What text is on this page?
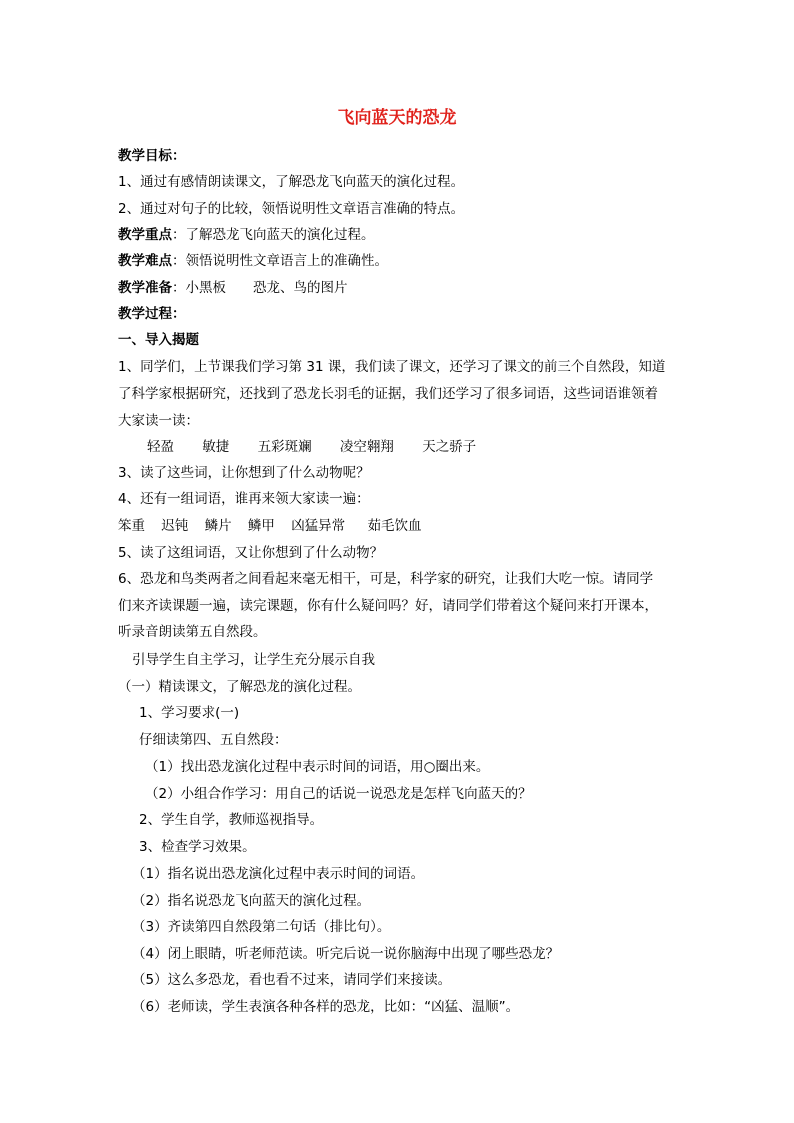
飞向蓝天的恐龙
教学目标：
1、通过有感情朗读课文，了解恐龙飞向蓝天的演化过程。
2、通过对句子的比较，领悟说明性文章语言准确的特点。
教学重点：了解恐龙飞向蓝天的演化过程。
教学难点：领悟说明性文章语言上的准确性。
教学准备：小黑板　　恐龙、鸟的图片
教学过程：
一、导入揭题
1、同学们，上节课我们学习第 31 课，我们读了课文，还学习了课文的前三个自然段，知道
了科学家根据研究，还找到了恐龙长羽毛的证据，我们还学习了很多词语，这些词语谁领着
大家读一读：
轻盈 敏捷 五彩斑斓 凌空翱翔 天之骄子
3、读了这些词，让你想到了什么动物呢？
4、还有一组词语，谁再来领大家读一遍：
笨重 迟钝 鳞片 鳞甲 凶猛异常 茹毛饮血
5、读了这组词语，又让你想到了什么动物？
6、恐龙和鸟类两者之间看起来毫无相干，可是，科学家的研究，让我们大吃一惊。请同学
们来齐读课题一遍，读完课题，你有什么疑问吗？好，请同学们带着这个疑问来打开课本，
听录音朗读第五自然段。
引导学生自主学习，让学生充分展示自我
（一）精读课文，了解恐龙的演化过程。
1、学习要求(一)
仔细读第四、五自然段：
（1）找出恐龙演化过程中表示时间的词语，用○圈出来。
（2）小组合作学习：用自己的话说一说恐龙是怎样飞向蓝天的？
2、学生自学，教师巡视指导。
3、检查学习效果。
（1）指名说出恐龙演化过程中表示时间的词语。
（2）指名说恐龙飞向蓝天的演化过程。
（3）齐读第四自然段第二句话（排比句）。
（4）闭上眼睛，听老师范读。听完后说一说你脑海中出现了哪些恐龙？
（5）这么多恐龙，看也看不过来，请同学们来接读。
（6）老师读，学生表演各种各样的恐龙，比如：“凶猛、温顺”。
